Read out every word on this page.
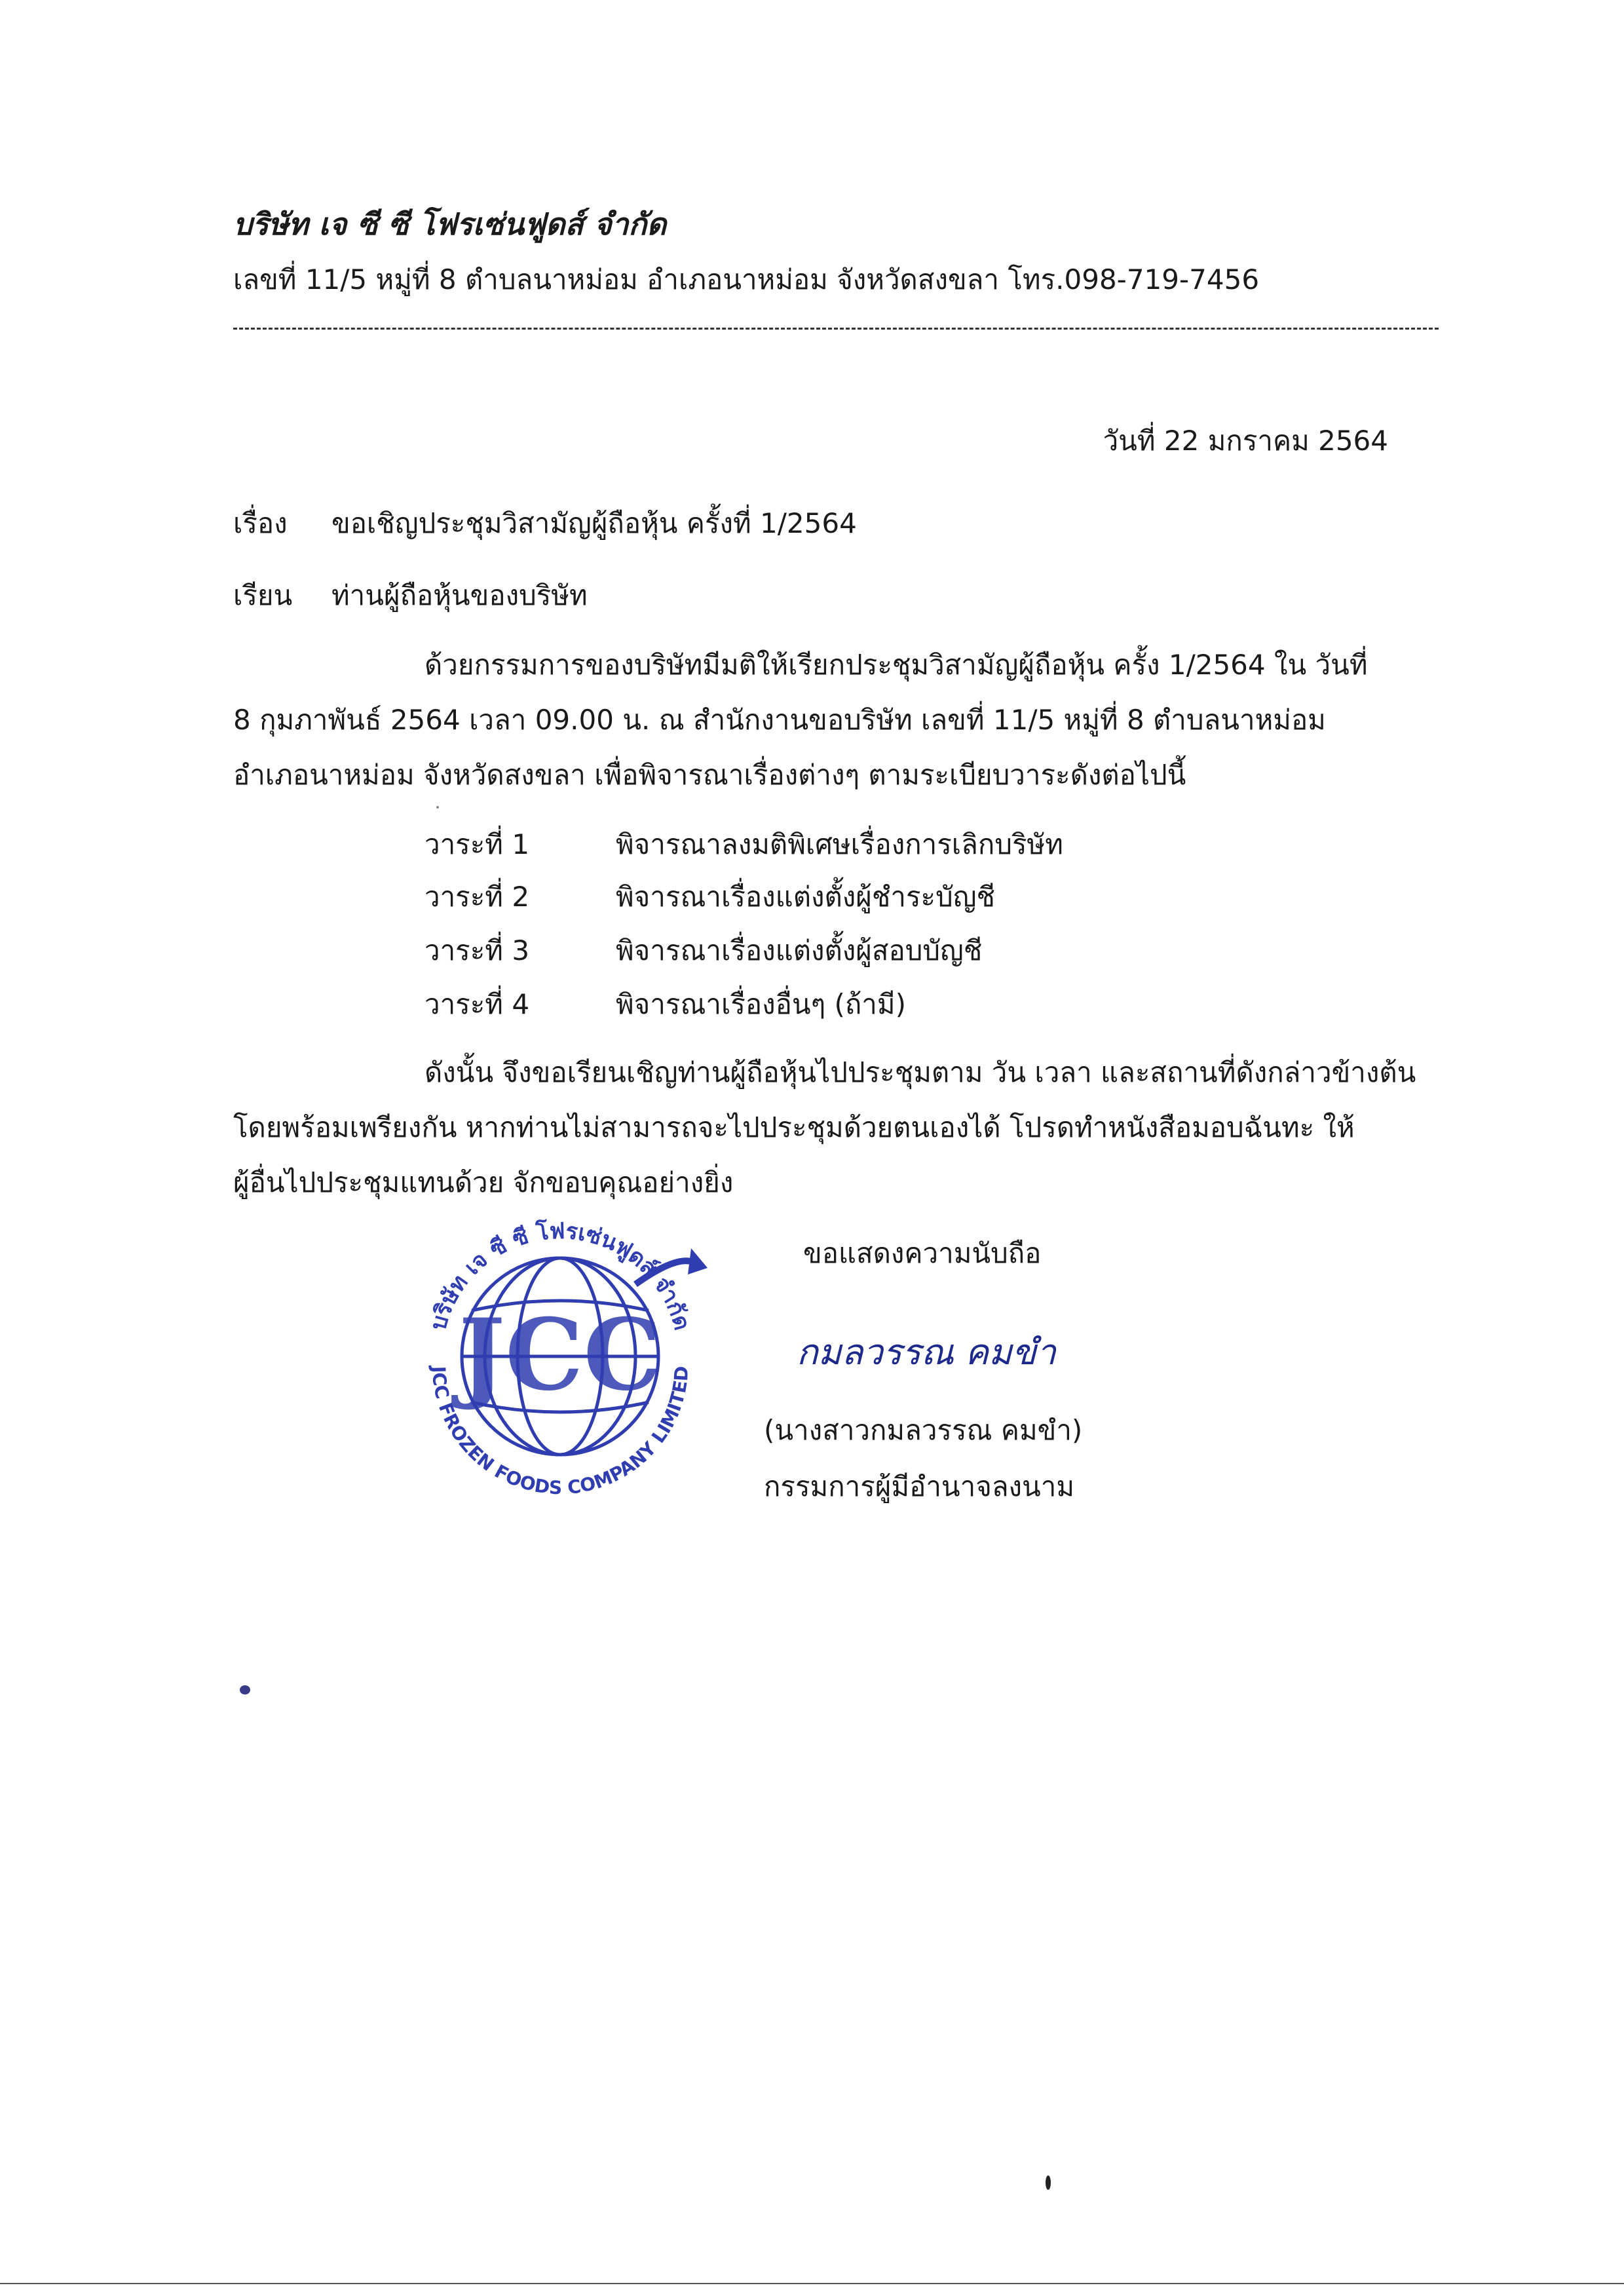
บริษัท เจ ซี ซี โฟรเซ่นฟูดส์ จำกัด
เลขที่ 11/5 หมู่ที่ 8 ตำบลนาหม่อม อำเภอนาหม่อม จังหวัดสงขลา โทร.098-719-7456
วันที่ 22 มกราคม 2564
เรื่อง ขอเชิญประชุมวิสามัญผู้ถือหุ้น ครั้งที่ 1/2564
เรียน ท่านผู้ถือหุ้นของบริษัท
ด้วยกรรมการของบริษัทมีมติให้เรียกประชุมวิสามัญผู้ถือหุ้น ครั้ง 1/2564 ใน วันที่
8 กุมภาพันธ์ 2564 เวลา 09.00 น. ณ สำนักงานขอบริษัท เลขที่ 11/5 หมู่ที่ 8 ตำบลนาหม่อม
อำเภอนาหม่อม จังหวัดสงขลา เพื่อพิจารณาเรื่องต่างๆ ตามระเบียบวาระดังต่อไปนี้
วาระที่ 1	พิจารณาลงมติพิเศษเรื่องการเลิกบริษัท
วาระที่ 2	พิจารณาเรื่องแต่งตั้งผู้ชำระบัญชี
วาระที่ 3	พิจารณาเรื่องแต่งตั้งผู้สอบบัญชี
วาระที่ 4	พิจารณาเรื่องอื่นๆ (ถ้ามี)
ดังนั้น จึงขอเรียนเชิญท่านผู้ถือหุ้นไปประชุมตาม วัน เวลา และสถานที่ดังกล่าวข้างต้น
โดยพร้อมเพรียงกัน หากท่านไม่สามารถจะไปประชุมด้วยตนเองได้ โปรดทำหนังสือมอบฉันทะ ให้
ผู้อื่นไปประชุมแทนด้วย จักขอบคุณอย่างยิ่ง
ขอแสดงความนับถือ
กมลวรรณ คมขำ
(นางสาวกมลวรรณ คมขำ)
กรรมการผู้มีอำนาจลงนาม
JCC
บริษัท เจ ซี ซี โฟรเซ่นฟูดส์ จำกัด
JCC FROZEN FOODS COMPANY LIMITED
